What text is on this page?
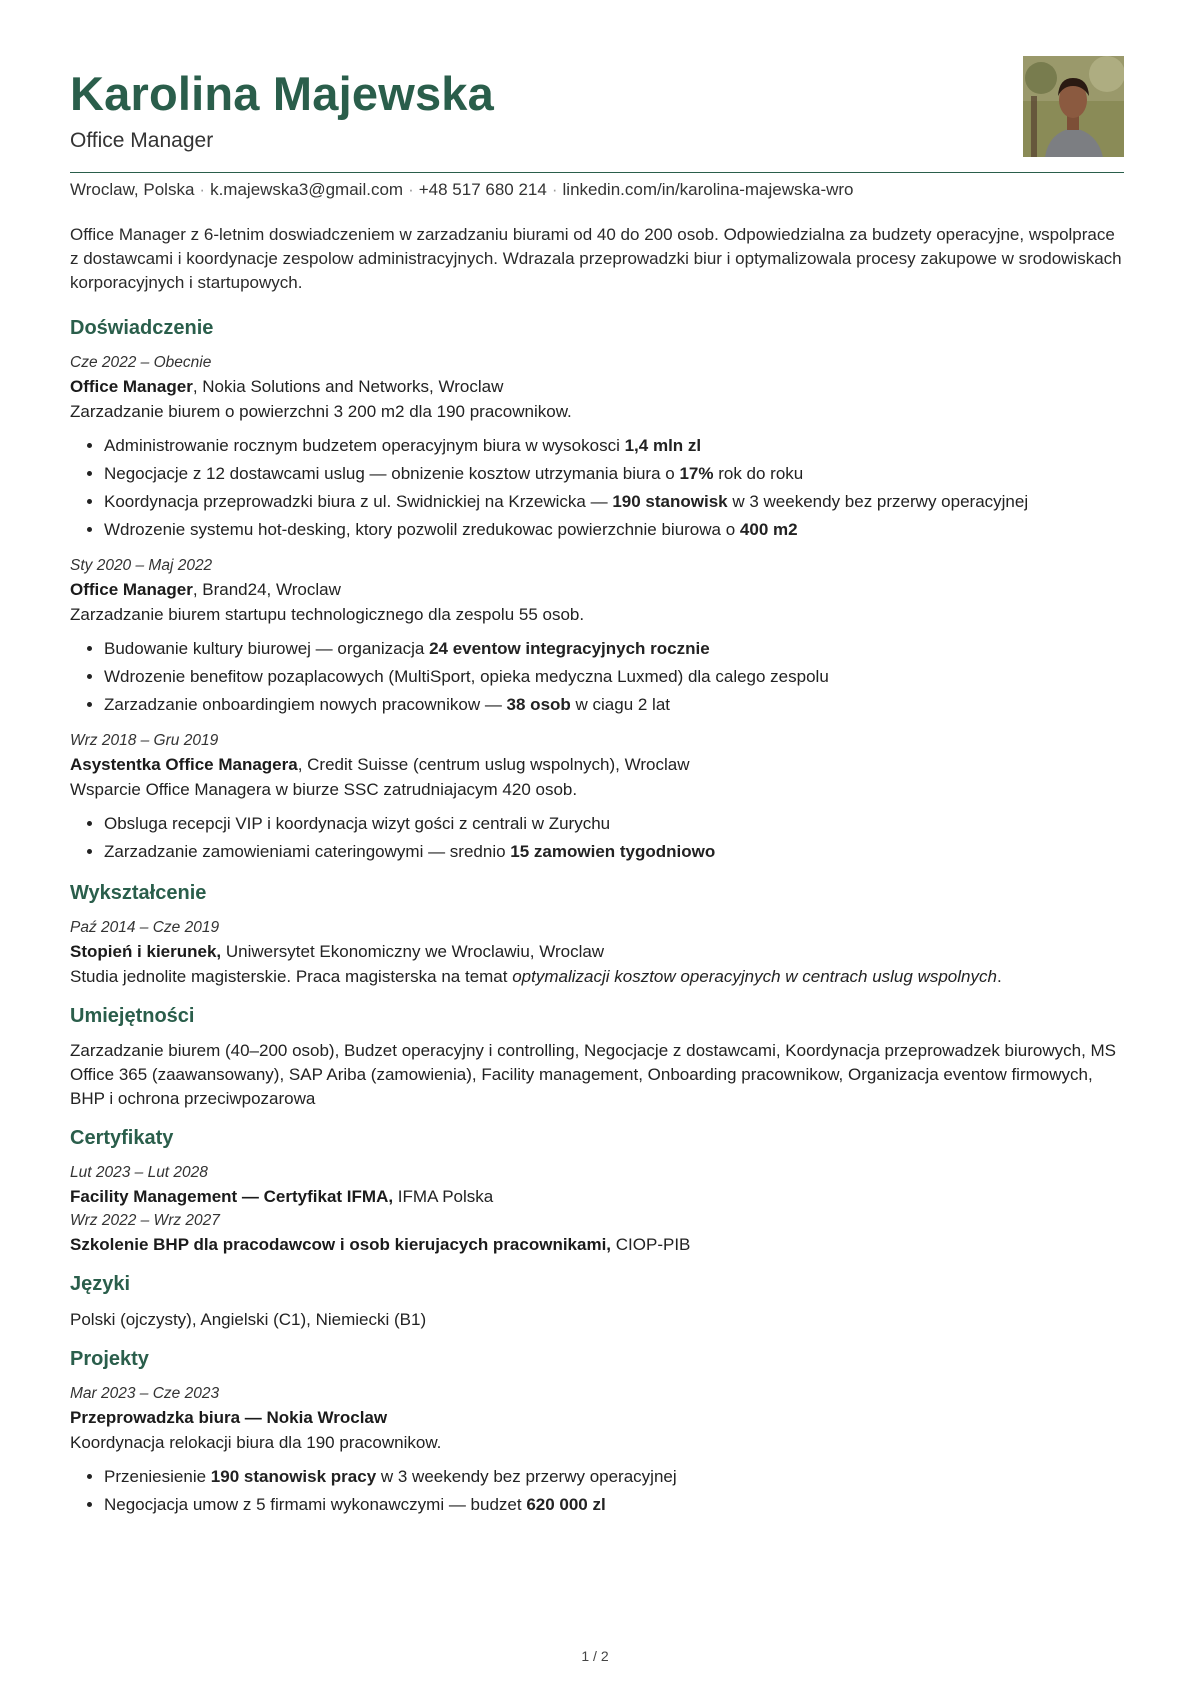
Karolina Majewska
Office Manager
Wroclaw, Polska · k.majewska3@gmail.com · +48 517 680 214 · linkedin.com/in/karolina-majewska-wro

Office Manager z 6-letnim doswiadczeniem w zarzadzaniu biurami od 40 do 200 osob. Odpowiedzialna za budzety operacyjne, wspolprace z dostawcami i koordynacje zespolow administracyjnych. Wdrazala przeprowadzki biur i optymalizowala procesy zakupowe w srodowiskach korporacyjnych i startupowych.

Doświadczenie
Cze 2022 – Obecnie
Office Manager, Nokia Solutions and Networks, Wroclaw
Zarzadzanie biurem o powierzchni 3 200 m2 dla 190 pracownikow.
• Administrowanie rocznym budzetem operacyjnym biura w wysokosci 1,4 mln zl
• Negocjacje z 12 dostawcami uslug — obnizenie kosztow utrzymania biura o 17% rok do roku
• Koordynacja przeprowadzki biura z ul. Swidnickiej na Krzewicka — 190 stanowisk w 3 weekendy bez przerwy operacyjnej
• Wdrozenie systemu hot-desking, ktory pozwolil zredukowac powierzchnie biurowa o 400 m2
Sty 2020 – Maj 2022
Office Manager, Brand24, Wroclaw
Zarzadzanie biurem startupu technologicznego dla zespolu 55 osob.
• Budowanie kultury biurowej — organizacja 24 eventow integracyjnych rocznie
• Wdrozenie benefitow pozaplacowych (MultiSport, opieka medyczna Luxmed) dla calego zespolu
• Zarzadzanie onboardingiem nowych pracownikow — 38 osob w ciagu 2 lat
Wrz 2018 – Gru 2019
Asystentka Office Managera, Credit Suisse (centrum uslug wspolnych), Wroclaw
Wsparcie Office Managera w biurze SSC zatrudniajacym 420 osob.
• Obsluga recepcji VIP i koordynacja wizyt gości z centrali w Zurychu
• Zarzadzanie zamowieniami cateringowymi — srednio 15 zamowien tygodniowo
Wykształcenie
Paź 2014 – Cze 2019
Stopień i kierunek, Uniwersytet Ekonomiczny we Wroclawiu, Wroclaw
Studia jednolite magisterskie. Praca magisterska na temat optymalizacji kosztow operacyjnych w centrach uslug wspolnych.
Umiejętności
Zarzadzanie biurem (40–200 osob), Budzet operacyjny i controlling, Negocjacje z dostawcami, Koordynacja przeprowadzek biurowych, MS Office 365 (zaawansowany), SAP Ariba (zamowienia), Facility management, Onboarding pracownikow, Organizacja eventow firmowych, BHP i ochrona przeciwpozarowa
Certyfikaty
Lut 2023 – Lut 2028
Facility Management — Certyfikat IFMA, IFMA Polska
Wrz 2022 – Wrz 2027
Szkolenie BHP dla pracodawcow i osob kierujacych pracownikami, CIOP-PIB
Języki
Polski (ojczysty), Angielski (C1), Niemiecki (B1)
Projekty
Mar 2023 – Cze 2023
Przeprowadzka biura — Nokia Wroclaw
Koordynacja relokacji biura dla 190 pracownikow.
• Przeniesienie 190 stanowisk pracy w 3 weekendy bez przerwy operacyjnej
• Negocjacja umow z 5 firmami wykonawczymi — budzet 620 000 zl
1 / 2
